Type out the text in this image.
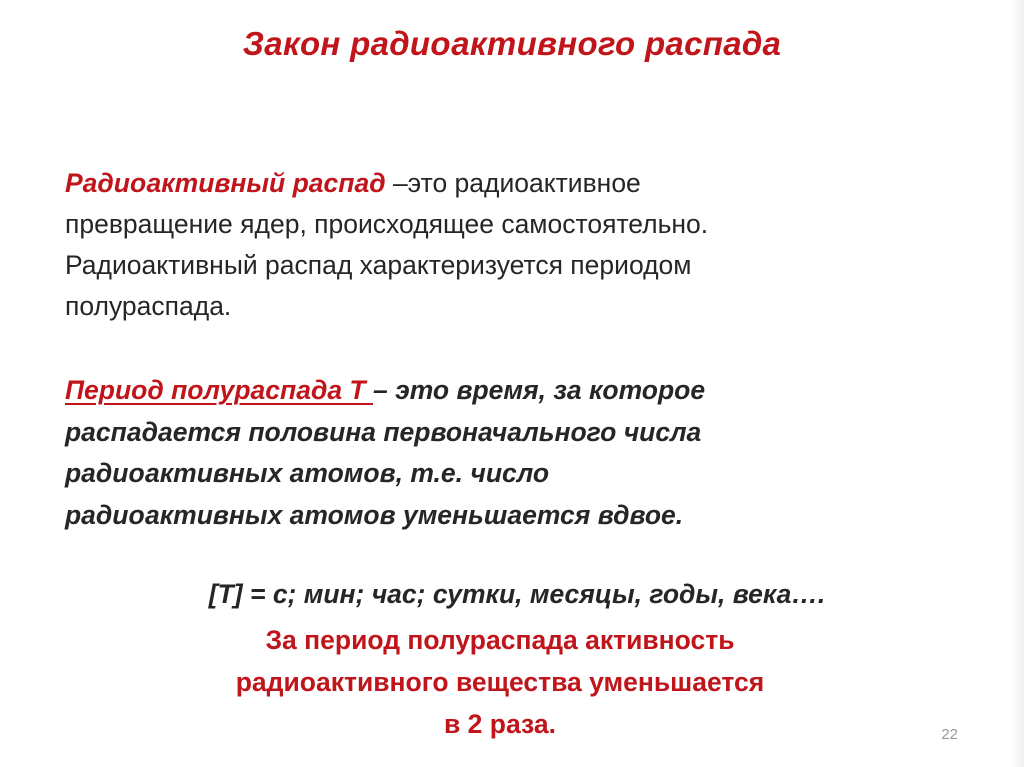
Закон радиоактивного распада
Радиоактивный распад –это радиоактивное
превращение ядер, происходящее самостоятельно.
Радиоактивный распад характеризуется периодом
полураспада.
Период полураспада T – это время, за которое
распадается половина первоначального числа
радиоактивных атомов, т.е. число
радиоактивных атомов уменьшается вдвое.
[T] = с; мин; час; сутки, месяцы, годы, века….
За период полураспада активность
радиоактивного вещества уменьшается
в 2 раза.	22
